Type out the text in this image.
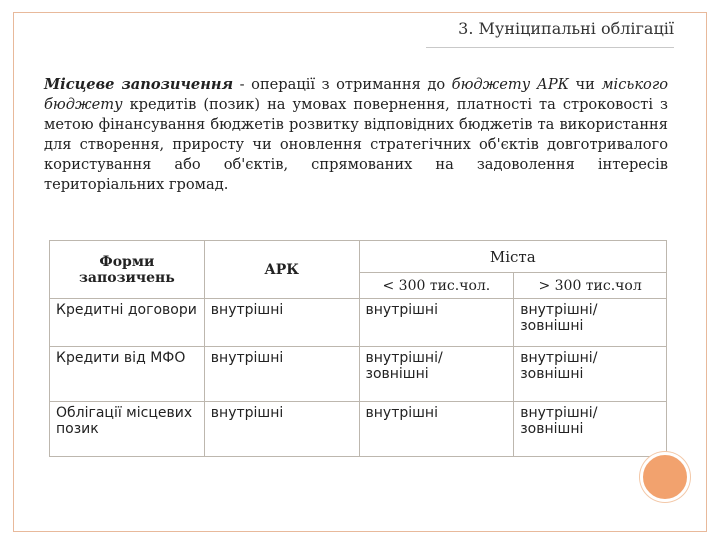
3. Муніципальні облігації
Місцеве запозичення - операції з отримання до бюджету АРК чи міського бюджету кредитів (позик) на умовах повернення, платності та строковості з метою фінансування бюджетів розвитку відповідних бюджетів та використання для створення, приросту чи оновлення стратегічних об'єктів довготривалого користування або об'єктів, спрямованих на задоволення інтересів територіальних громад.
Форми запозичень	АРК	Міста	
		< 300 тис.чол.	> 300 тис.чол
Кредитні договори	внутрішні	внутрішні	внутрішні/ зовнішні
Кредити від МФО	внутрішні	внутрішні/ зовнішні	внутрішні/ зовнішні
Облігації місцевих позик	внутрішні	внутрішні	внутрішні/ зовнішні
